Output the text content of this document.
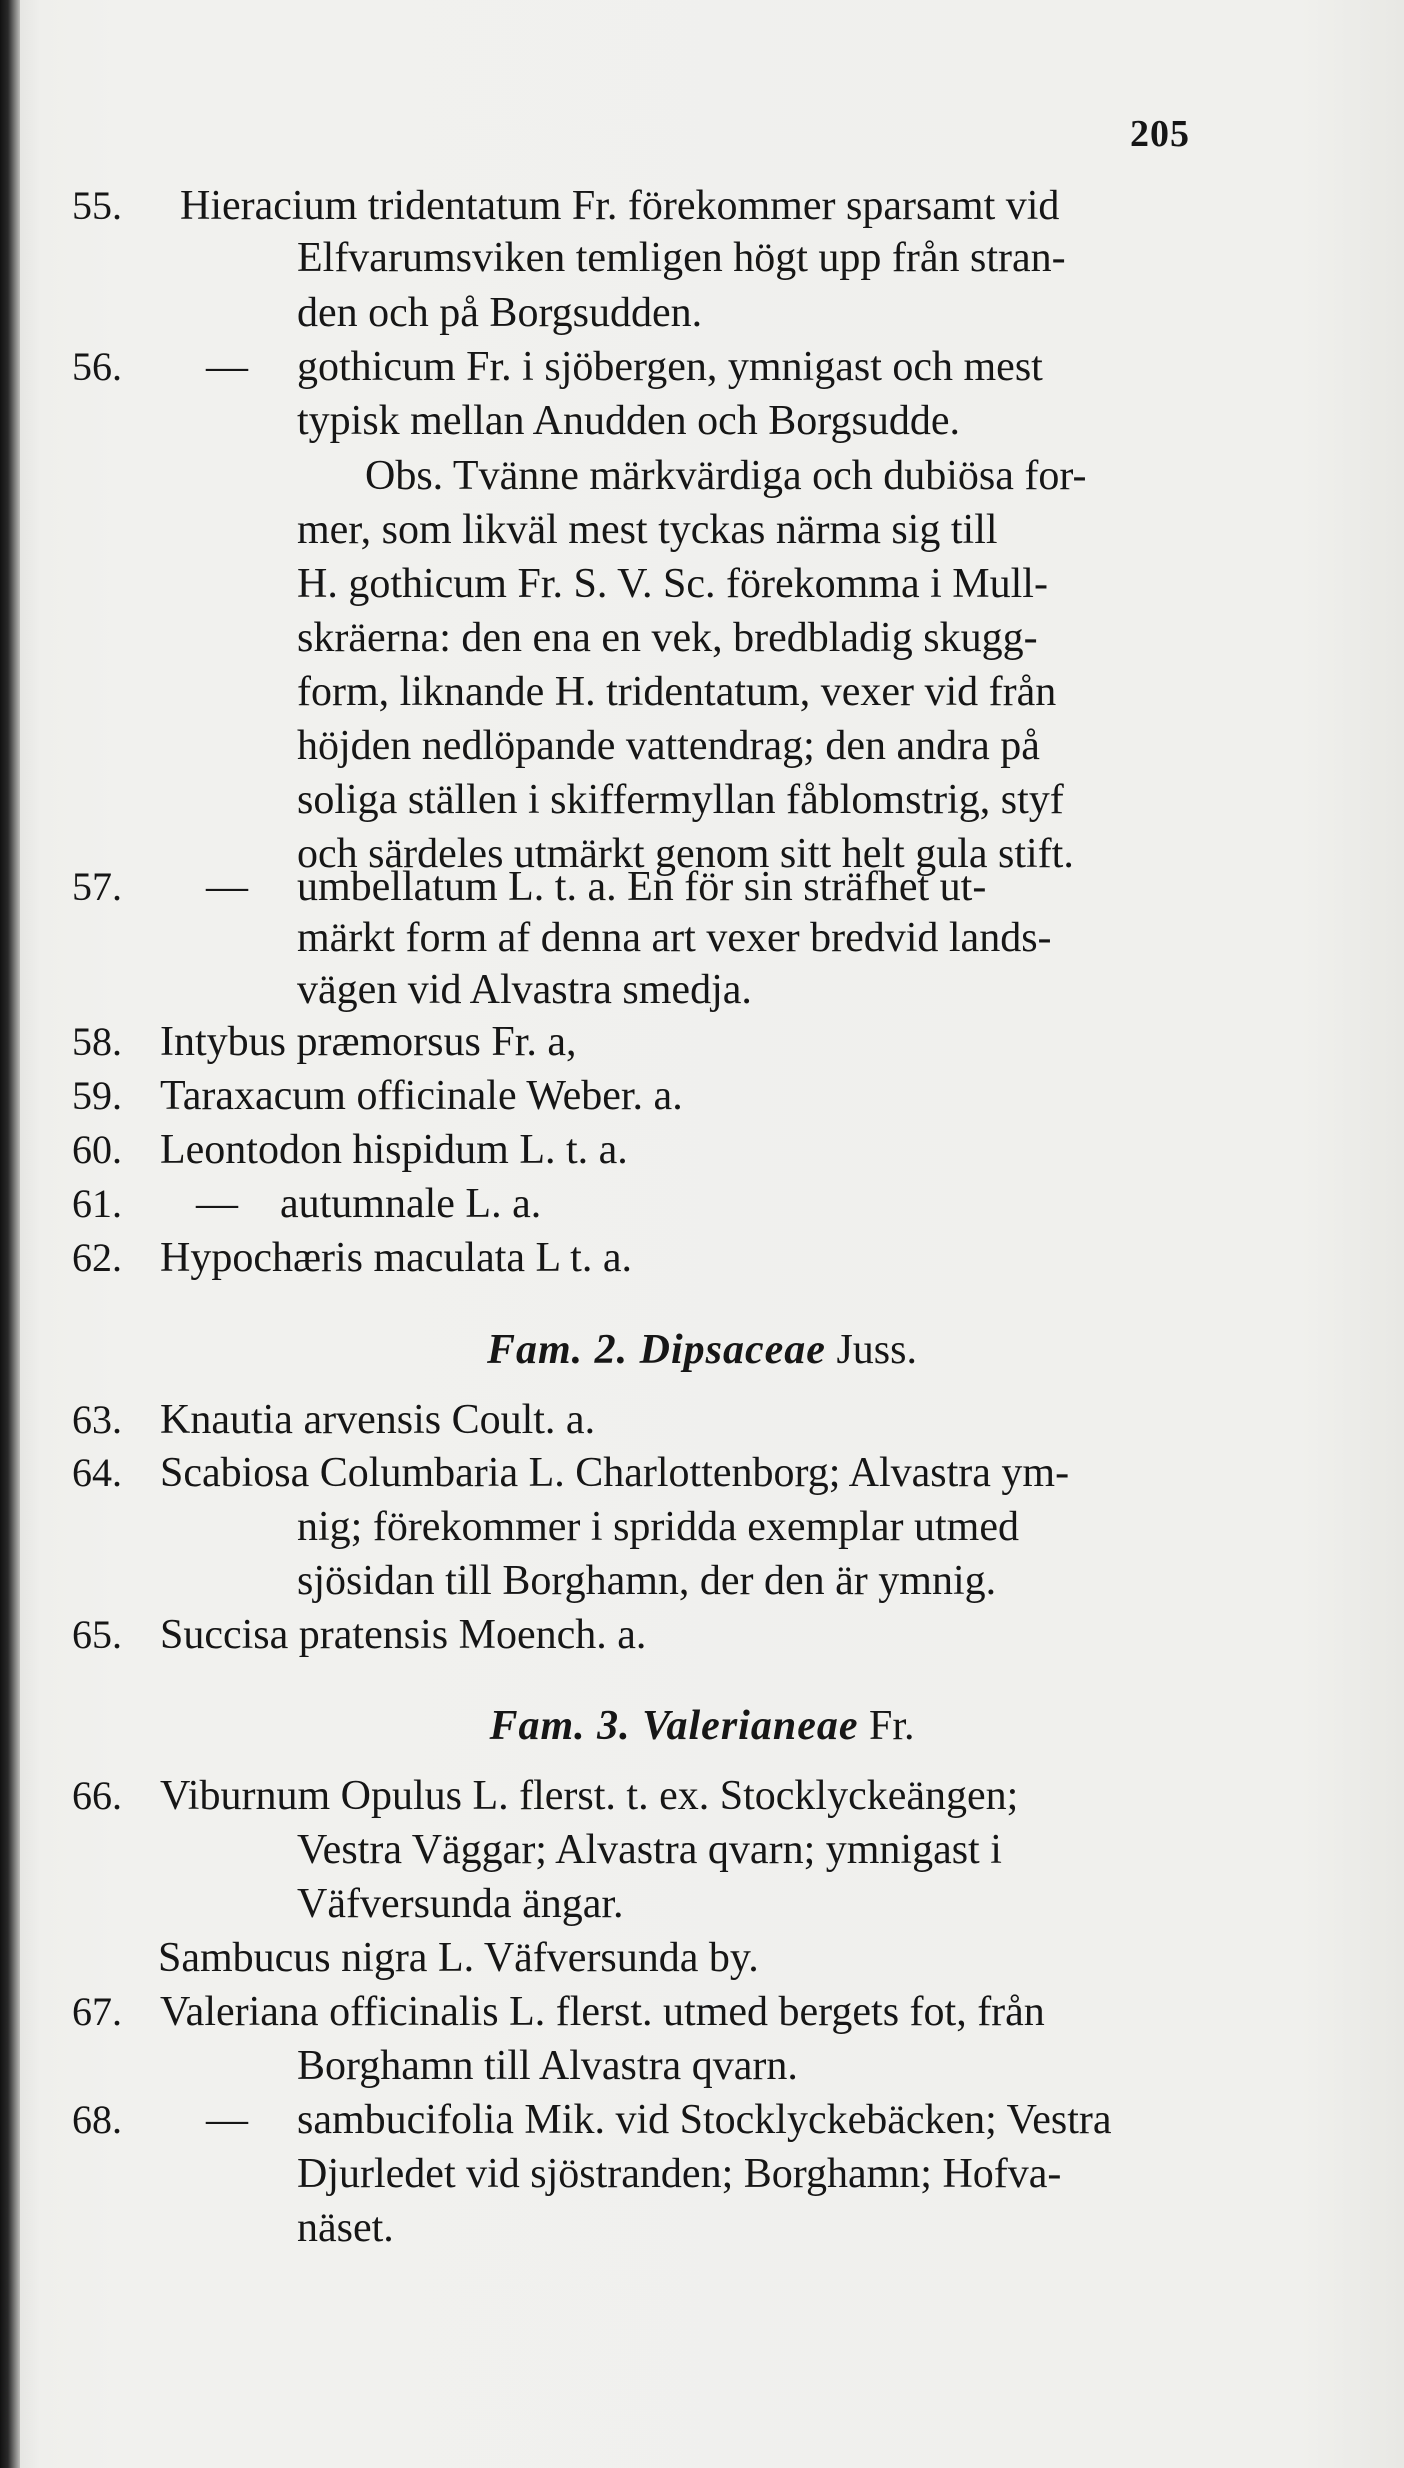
205
55. Hieracium tridentatum Fr. förekommer sparsamt vid
Elfvarumsviken temligen högt upp från stran-
den och på Borgsudden.
56. — gothicum Fr. i sjöbergen, ymnigast och mest
typisk mellan Anudden och Borgsudde.
Obs. Tvänne märkvärdiga och dubiösa for-
mer, som likväl mest tyckas närma sig till
H. gothicum Fr. S. V. Sc. förekomma i Mull-
skräerna: den ena en vek, bredbladig skugg-
form, liknande H. tridentatum, vexer vid från
höjden nedlöpande vattendrag; den andra på
soliga ställen i skiffermyllan fåblomstrig, styf
och särdeles utmärkt genom sitt helt gula stift.
57. — umbellatum L. t. a. En för sin sträfhet ut-
märkt form af denna art vexer bredvid lands-
vägen vid Alvastra smedja.
58. Intybus præmorsus Fr. a,
59. Taraxacum officinale Weber. a.
60. Leontodon hispidum L. t. a.
61. — autumnale L. a.
62. Hypochæris maculata L t. a.
Fam. 2. Dipsaceae Juss.
63. Knautia arvensis Coult. a.
64. Scabiosa Columbaria L. Charlottenborg; Alvastra ym-
nig; förekommer i spridda exemplar utmed
sjösidan till Borghamn, der den är ymnig.
65. Succisa pratensis Moench. a.
Fam. 3. Valerianeae Fr.
66. Viburnum Opulus L. flerst. t. ex. Stocklyckeängen;
Vestra Väggar; Alvastra qvarn; ymnigast i
Väfversunda ängar.
Sambucus nigra L. Väfversunda by.
67. Valeriana officinalis L. flerst. utmed bergets fot, från
Borghamn till Alvastra qvarn.
68. — sambucifolia Mik. vid Stocklyckebäcken; Vestra
Djurledet vid sjöstranden; Borghamn; Hofva-
näset.
